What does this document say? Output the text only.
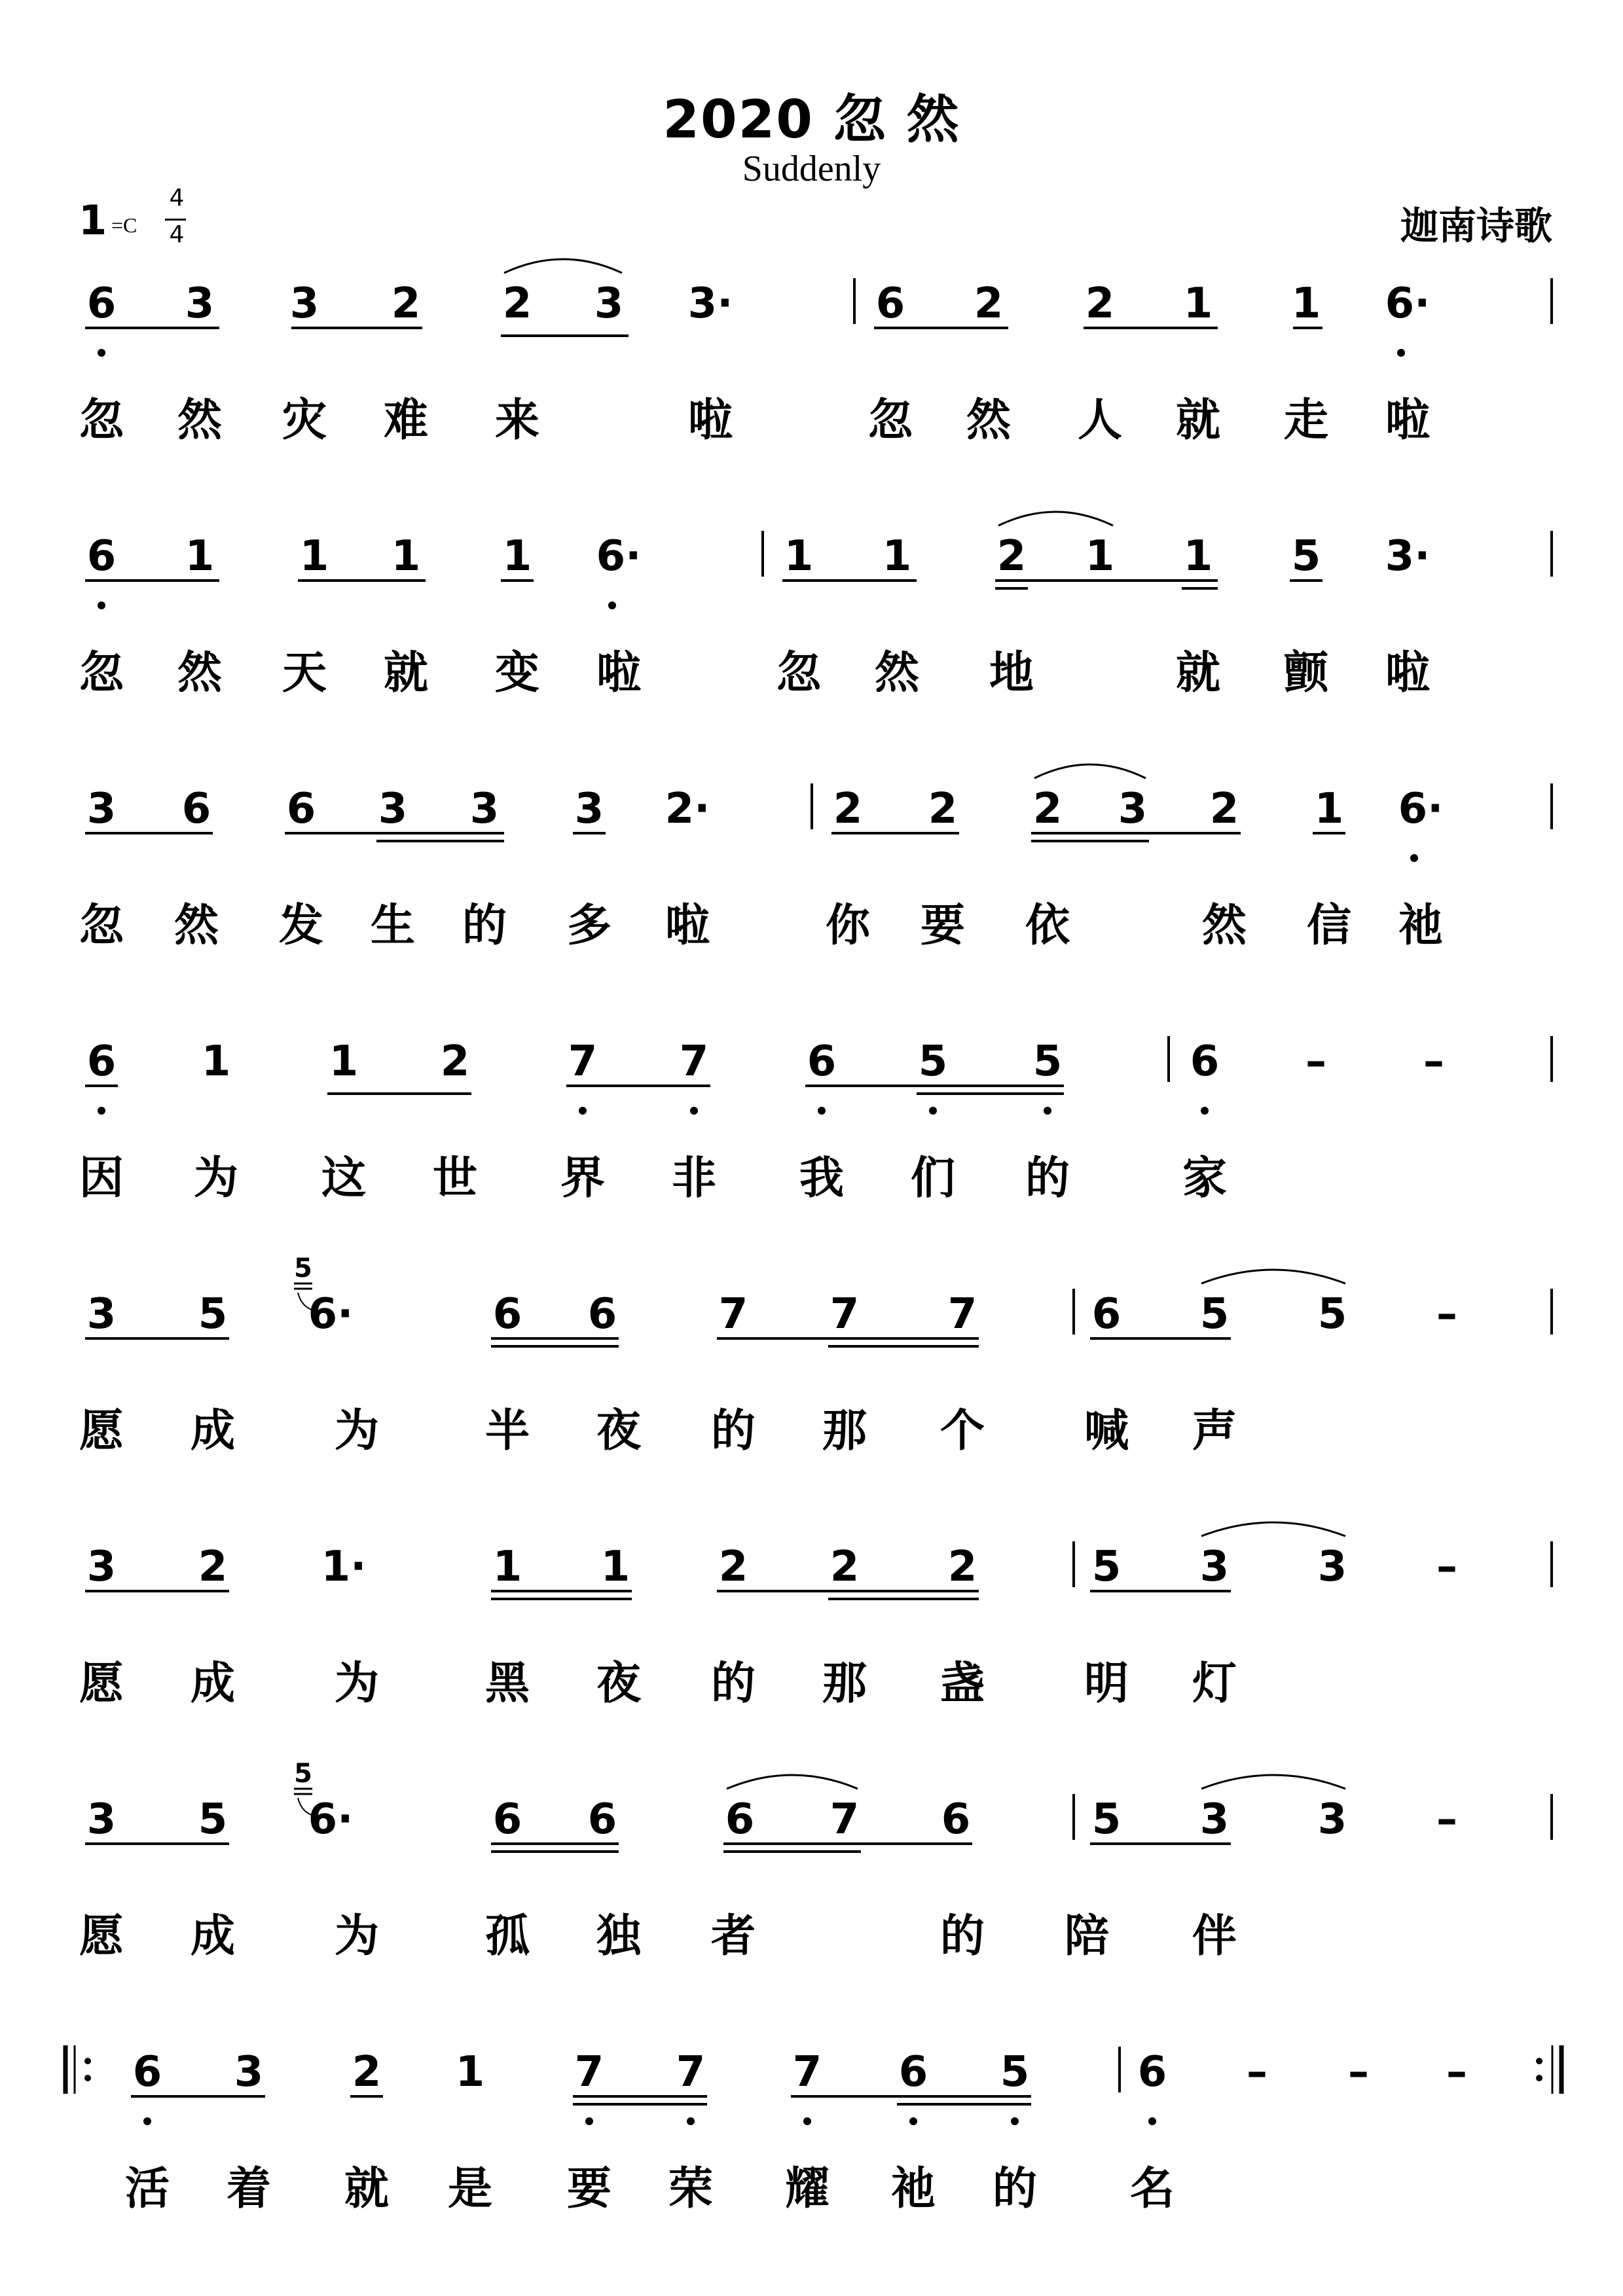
2020 忽 然
Suddenly
迦南诗歌
1 =C
4
4
6 3 3 2 2 3 3·	6 2 2 1 1 6·
忽 然 灾 难 来	啦	忽 然 人 就 走 啦
6 1 1 1 1 6·	1 1 2 1 1 5 3·
忽 然 天 就 变 啦	忽 然 地	就 颤 啦
3 6 6 3 3 3 2·	2 2 2 3 2 1 6·
忽 然 发 生 的 多 啦	你 要 依	然 信 祂
6 1 1 2 7 7 6 5 5	6 – –
因 为 这 世 界 非 我 们 的	家
3 5 6·	6 6 7 7 7	6 5 5 –
5
愿 成 为 半 夜 的 那 个 喊 声
3 2 1·	1 1 2 2 2	5 3 3 –
愿 成 为 黑 夜 的 那 盏 明 灯
3 5 6·	6 6	6 7 6	5 3 3 –
5
愿 成 为 孤 独 者	的 陪 伴
6 3 2 1 7 7 7 6 5	6 – – –
活 着 就 是 要 荣 耀 祂 的 名
